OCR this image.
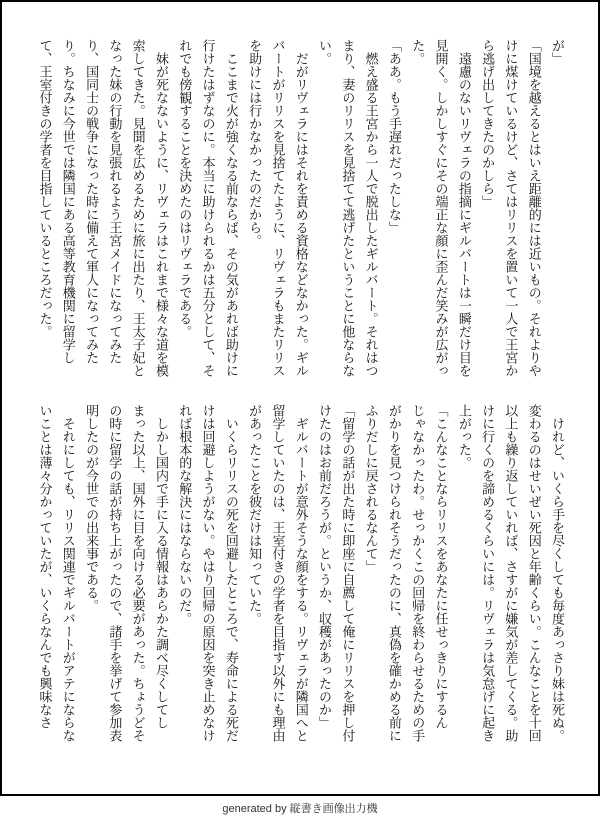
が」

「国境を越えるとはいえ距離的には近いもの。それよりやけに煤けているけど、さてはリリスを置いて一人で王宮から逃げ出してきたのかしら」

　遠慮のないリヴェラの指摘にギルバートは一瞬だけ目を見開く。しかしすぐにその端正な顔に歪んだ笑みが広がった。

「ああ。もう手遅れだったしな」

　燃え盛る王宮から一人で脱出したギルバート。それはつまり、妻のリリスを見捨てて逃げたということに他ならない。

　だがリヴェラにはそれを責める資格などなかった。ギルバートがリリスを見捨てたように、リヴェラもまたリリスを助けには行かなかったのだから。

　ここまで火が強くなる前ならば、その気があれば助けに行けたはずなのに。本当に助けられるかは五分として、それでも傍観することを決めたのはリヴェラである。

　妹が死なないように、リヴェラはこれまで様々な道を模索してきた。見聞を広めるために旅に出たり、王太子妃となった妹の行動を見張れるよう王宮メイドになってみたり、国同士の戦争になった時に備えて軍人になってみたり。ちなみに今世では隣国にある高等教育機関に留学して、王室付きの学者を目指しているところだった。

　けれど、いくら手を尽くしても毎度あっさり妹は死ぬ。変わるのはせいぜい死因と年齢くらい。こんなことを十回以上も繰り返していれば、さすがに嫌気が差してくる。助けに行くのを諦めるくらいには。リヴェラは気怠げに起き上がった。

「こんなことならリリスをあなたに任せっきりにするんじゃなかったわ。せっかくこの回帰を終わらせるための手がかりを見つけられそうだったのに、真偽を確かめる前にふりだしに戻されるなんて」

「留学の話が出た時に即座に自薦して俺にリリスを押し付けたのはお前だろうが。というか、収穫があったのか」

　ギルバートが意外そうな顔をする。リヴェラが隣国へと留学していたのは、王室付きの学者を目指す以外にも理由があったことを彼だけは知っていた。

　いくらリリスの死を回避したところで、寿命による死だけは回避しようがない。やはり回帰の原因を突き止めなければ根本的な解決にはならないのだ。

　しかし国内で手に入る情報はあらかた調べ尽くしてしまった以上、国外に目を向ける必要があった。ちょうどその時に留学の話が持ち上がったので、諸手を挙げて参加表明したのが今世での出来事である。

　それにしても、リリス関連でギルバートがアテにならないことは薄々分かっていたが、いくらなんでも興味なさ

generated by 縦書き画像出力機
